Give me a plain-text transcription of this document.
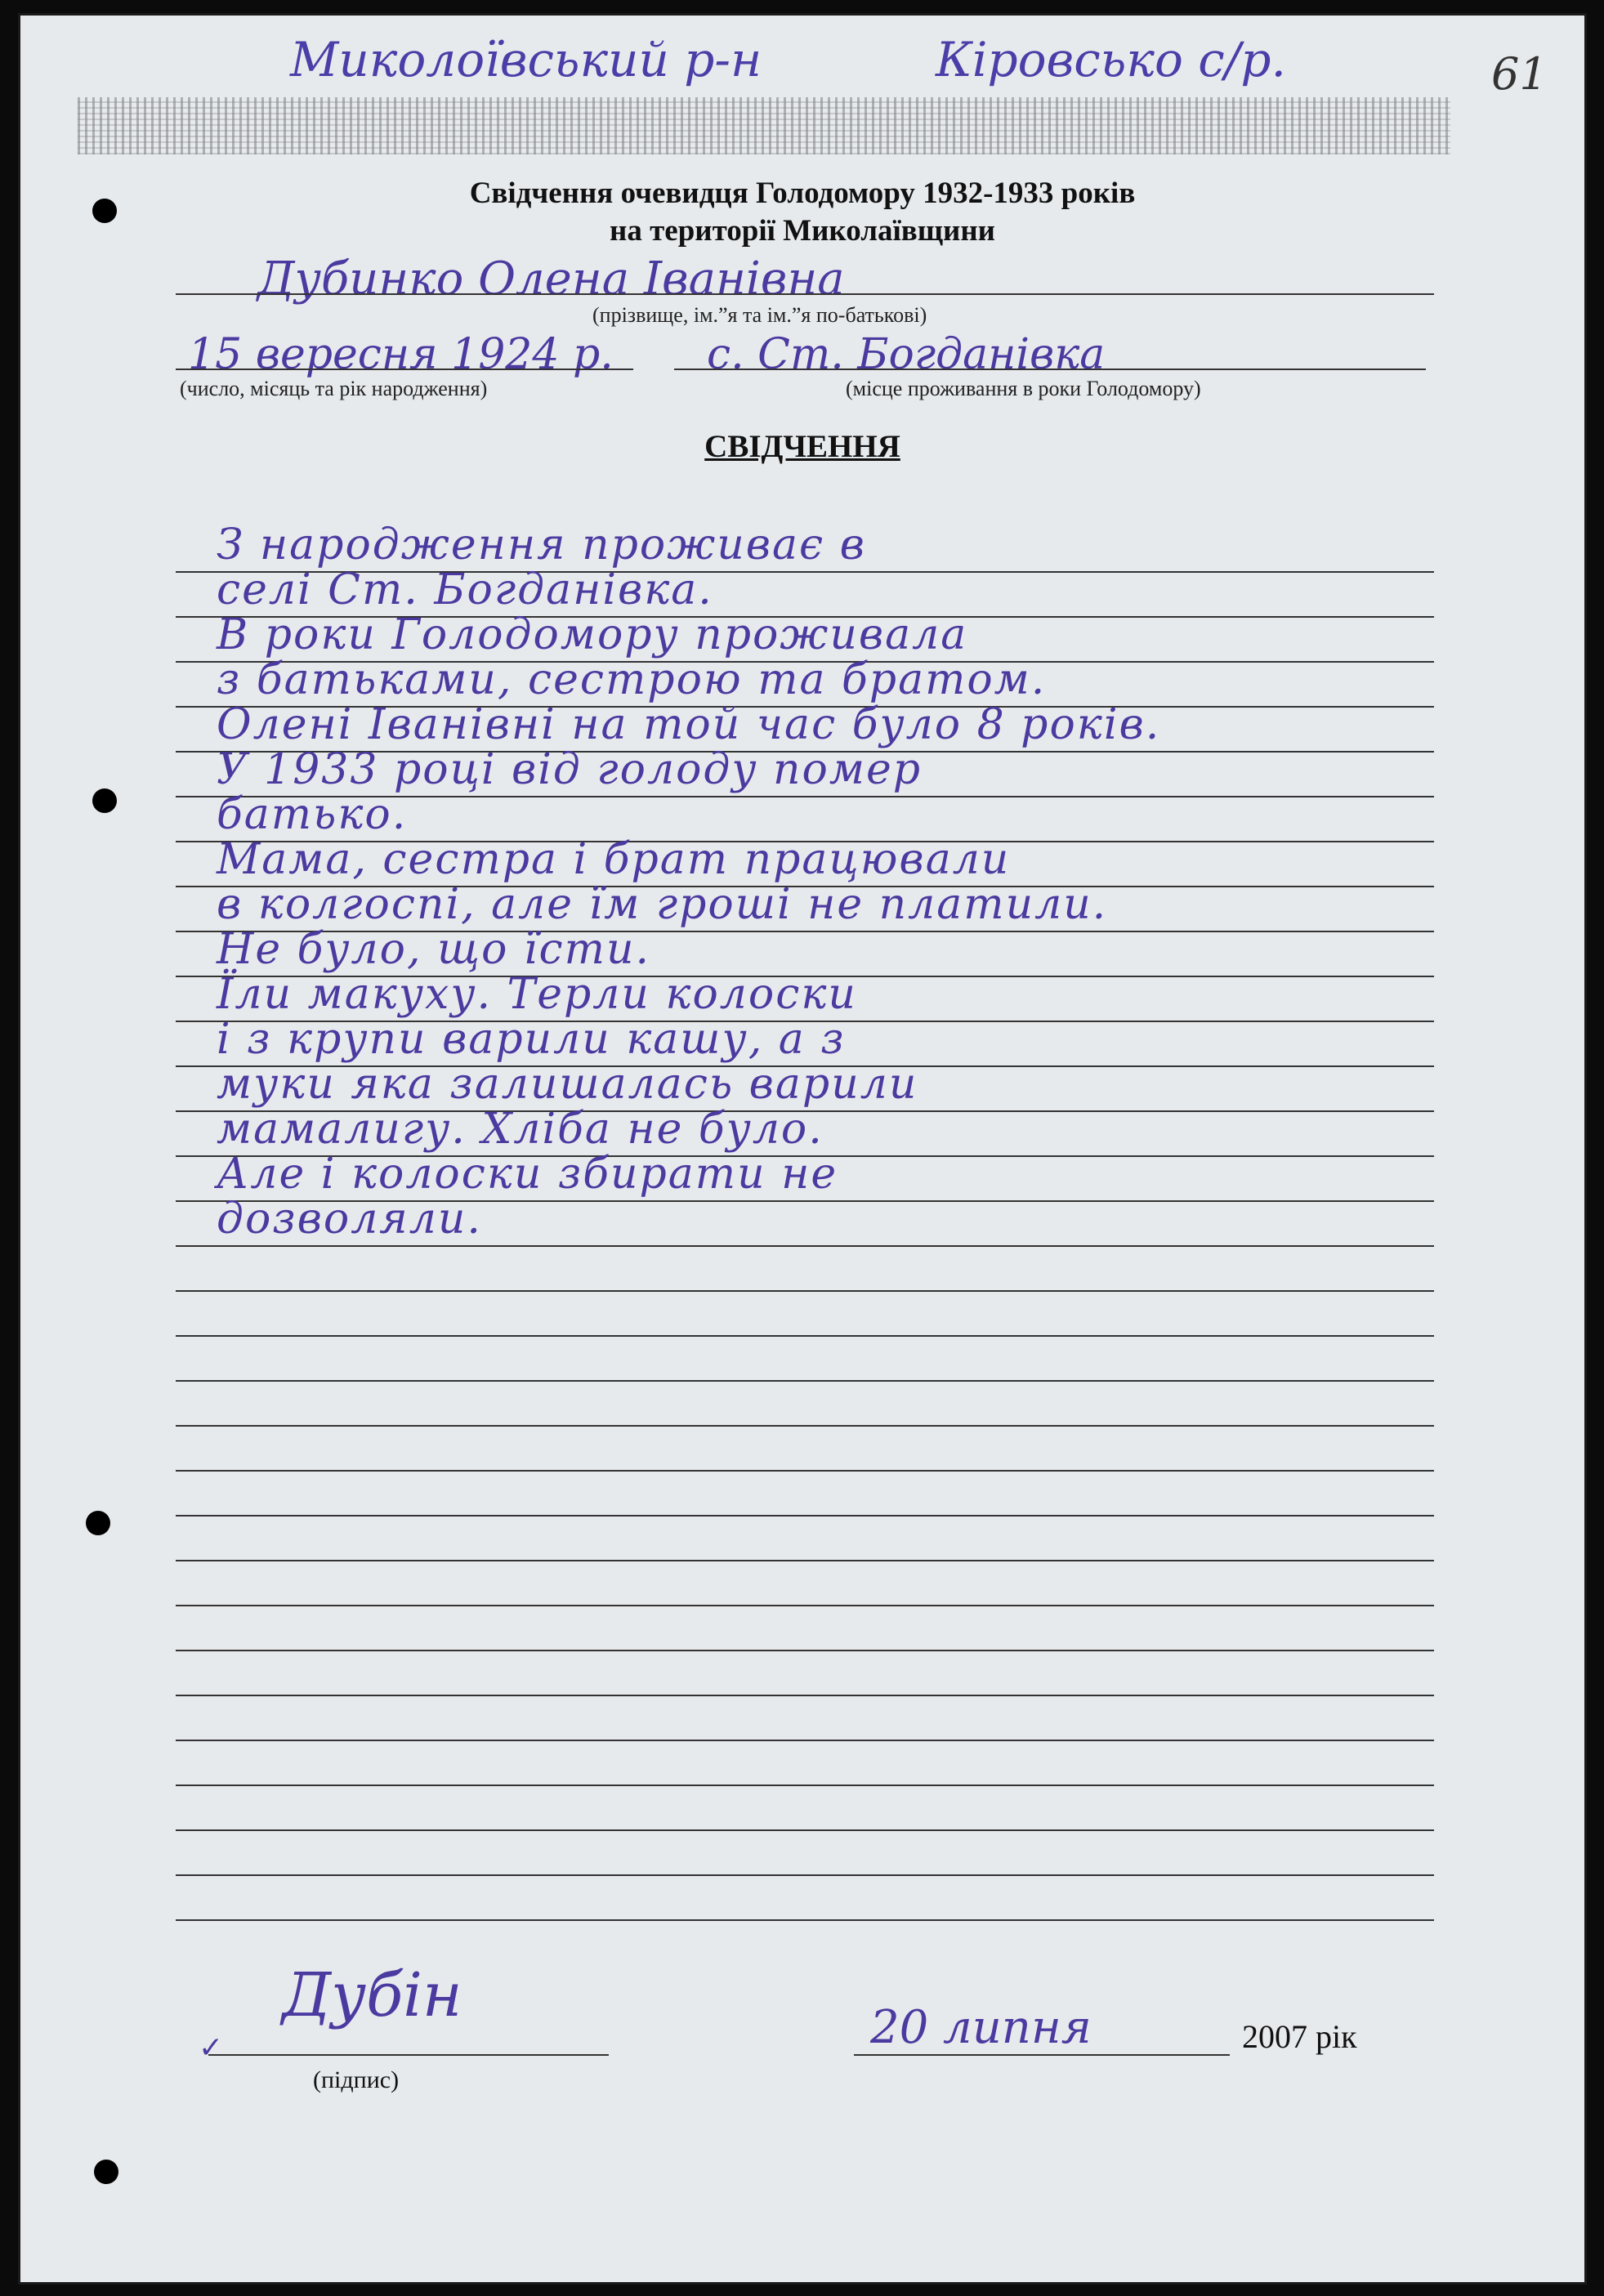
Миколоївський р-н	Кіровсько с/р.	61
Свідчення очевидця Голодомору 1932-1933 років
на території Миколаївщини
Дубинко Олена Іванівна
(прізвище, ім.”я та ім.”я по-батькові)
15 вересня 1924 р.
(число, місяць та рік народження)
с. Ст. Богданівка
(місце проживання в роки Голодомору)
СВІДЧЕННЯ
З народження проживає в
селі Ст. Богданівка.
В роки Голодомору проживала
з батьками, сестрою та братом.
Олені Іванівні на той час було 8 років.
У 1933 році від голоду помер
батько.
Мама, сестра і брат працювали
в колгоспі, але їм гроші не платили.
Не було, що їсти.
Їли макуху. Терли колоски
і з крупи варили кашу, а з
муки яка залишалась варили
мамалигу. Хліба не було.
Але і колоски збирати не
дозволяли.
✓
Дубін
(підпис)
20 липня	2007 рік
